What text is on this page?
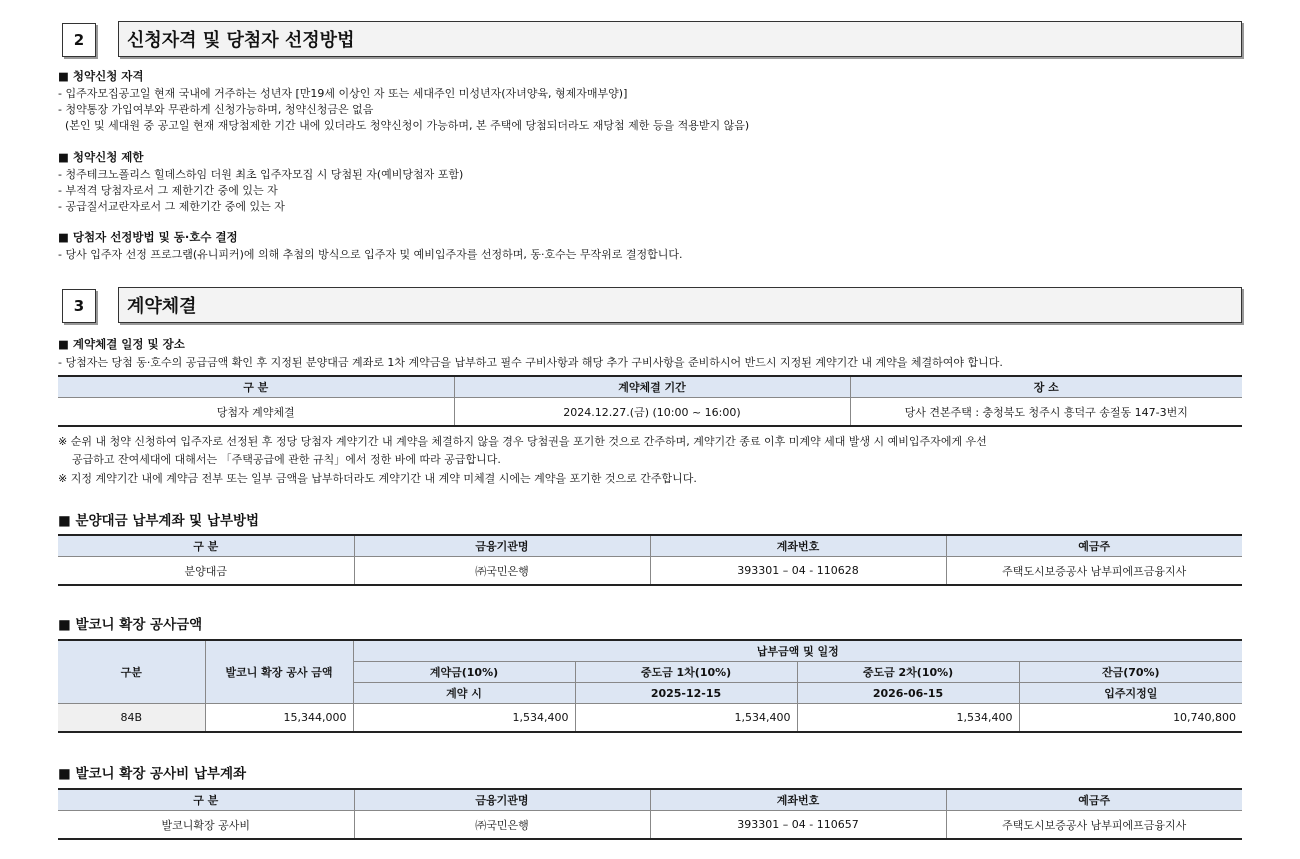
2	신청자격 및 당첨자 선정방법
■ 청약신청 자격
- 입주자모집공고일 현재 국내에 거주하는 성년자 [만19세 이상인 자 또는 세대주인 미성년자(자녀양육, 형제자매부양)]
- 청약통장 가입여부와 무관하게 신청가능하며, 청약신청금은 없음
(본인 및 세대원 중 공고일 현재 재당첨제한 기간 내에 있더라도 청약신청이 가능하며, 본 주택에 당첨되더라도 재당첨 제한 등을 적용받지 않음)
■ 청약신청 제한
- 청주테크노폴리스 힐데스하임 더원 최초 입주자모집 시 당첨된 자(예비당첨자 포함)
- 부적격 당첨자로서 그 제한기간 중에 있는 자
- 공급질서교란자로서 그 제한기간 중에 있는 자
■ 당첨자 선정방법 및 동·호수 결정
- 당사 입주자 선정 프로그램(유니피커)에 의해 추첨의 방식으로 입주자 및 예비입주자를 선정하며, 동·호수는 무작위로 결정합니다.
3	계약체결
■ 계약체결 일정 및 장소
- 당첨자는 당첨 동·호수의 공급금액 확인 후 지정된 분양대금 계좌로 1차 계약금을 납부하고 필수 구비사항과 해당 추가 구비사항을 준비하시어 반드시 지정된 계약기간 내 계약을 체결하여야 합니다.
구 분	계약체결 기간	장 소
당첨자 계약체결	2024.12.27.(금) (10:00 ~ 16:00)	당사 견본주택 : 충청북도 청주시 흥덕구 송절동 147-3번지
※ 순위 내 청약 신청하여 입주자로 선정된 후 정당 당첨자 계약기간 내 계약을 체결하지 않을 경우 당첨권을 포기한 것으로 간주하며, 계약기간 종료 이후 미계약 세대 발생 시 예비입주자에게 우선
공급하고 잔여세대에 대해서는 「주택공급에 관한 규칙」에서 정한 바에 따라 공급합니다.
※ 지정 계약기간 내에 계약금 전부 또는 일부 금액을 납부하더라도 계약기간 내 계약 미체결 시에는 계약을 포기한 것으로 간주합니다.
■ 분양대금 납부계좌 및 납부방법
구 분	금융기관명	계좌번호	예금주
분양대금	㈜국민은행	393301 – 04 - 110628	주택도시보증공사 남부피에프금융지사
■ 발코니 확장 공사금액
구분	발코니 확장 공사 금액	납부금액 및 일정			
		계약금(10%)	중도금 1차(10%)	중도금 2차(10%)	잔금(70%)
		계약 시	2025-12-15	2026-06-15	입주지정일
84B	15,344,000	1,534,400	1,534,400	1,534,400	10,740,800
■ 발코니 확장 공사비 납부계좌
구 분	금융기관명	계좌번호	예금주
발코니확장 공사비	㈜국민은행	393301 – 04 - 110657	주택도시보증공사 남부피에프금융지사
